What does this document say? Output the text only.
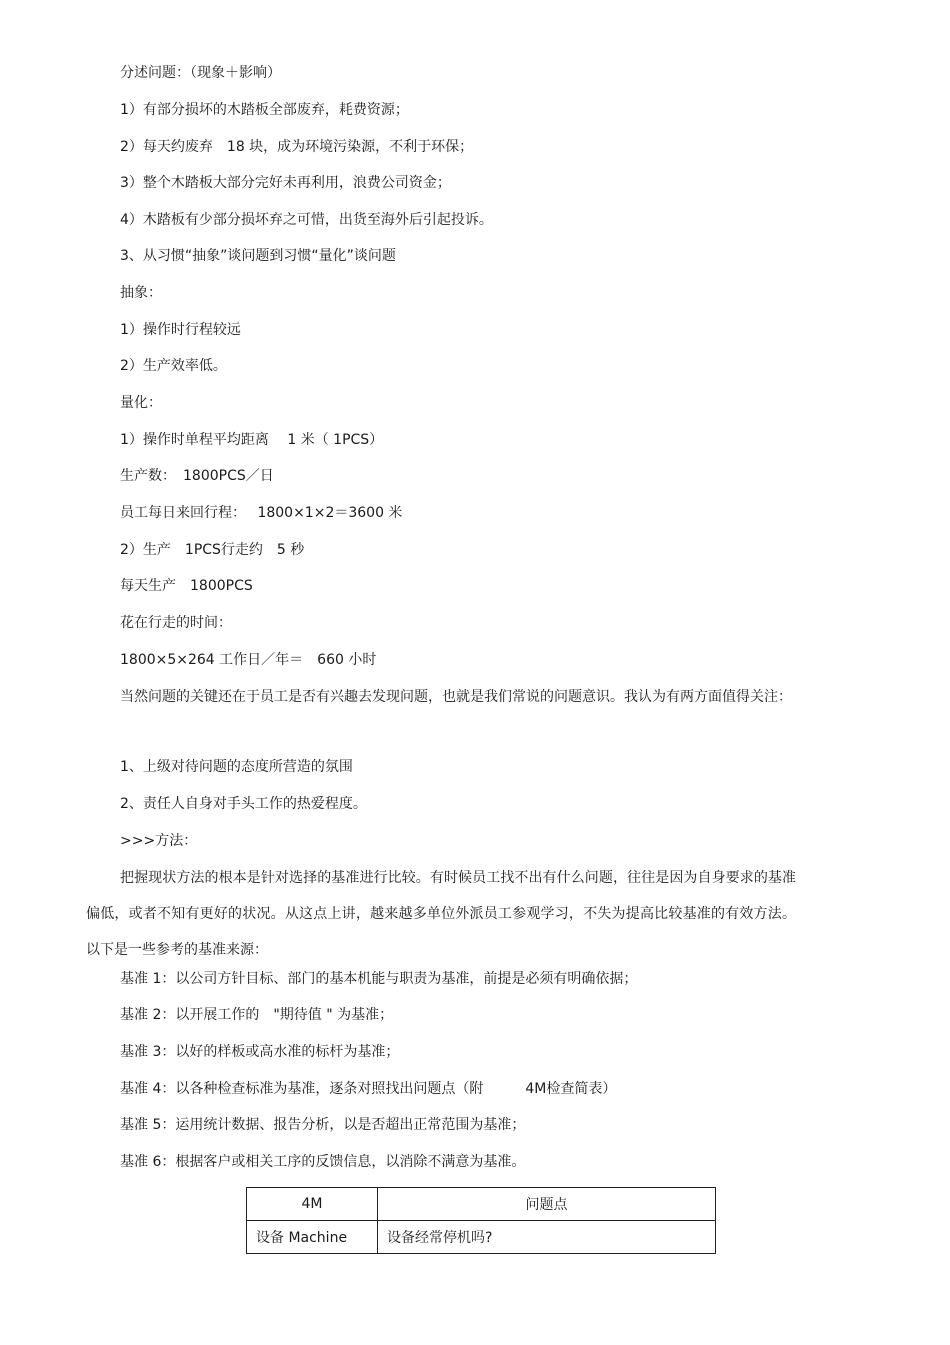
分述问题：（现象＋影响）
1）有部分损坏的木踏板全部废弃，耗费资源；
2）每天约废弃　18 块，成为环境污染源，不利于环保；
3）整个木踏板大部分完好未再利用，浪费公司资金；
4）木踏板有少部分损坏弃之可惜，出货至海外后引起投诉。
3、从习惯“抽象”谈问题到习惯“量化”谈问题
抽象：
1）操作时行程较远
2）生产效率低。
量化：
1）操作时单程平均距离　 1 米（ 1PCS）
生产数：　1800PCS／日
员工每日来回行程：　 1800×1×2＝3600 米
2）生产　1PCS行走约　5 秒
每天生产　1800PCS
花在行走的时间：
1800×5×264 工作日／年＝　660 小时
当然问题的关键还在于员工是否有兴趣去发现问题，也就是我们常说的问题意识。我认为有两方面值得关注：
1、上级对待问题的态度所营造的氛围
2、责任人自身对手头工作的热爱程度。
>>>方法：
把握现状方法的根本是针对选择的基准进行比较。有时候员工找不出有什么问题，往往是因为自身要求的基准偏低，或者不知有更好的状况。从这点上讲，越来越多单位外派员工参观学习，不失为提高比较基准的有效方法。以下是一些参考的基准来源：
基准 1：以公司方针目标、部门的基本机能与职责为基准，前提是必须有明确依据；
基准 2：以开展工作的　"期待值 " 为基准；
基准 3：以好的样板或高水准的标杆为基准；
基准 4：以各种检查标准为基准，逐条对照找出问题点（附　　　4M检查简表）
基准 5：运用统计数据、报告分析，以是否超出正常范围为基准；
基准 6：根据客户或相关工序的反馈信息，以消除不满意为基准。
4M	问题点
设备 Machine	设备经常停机吗?
